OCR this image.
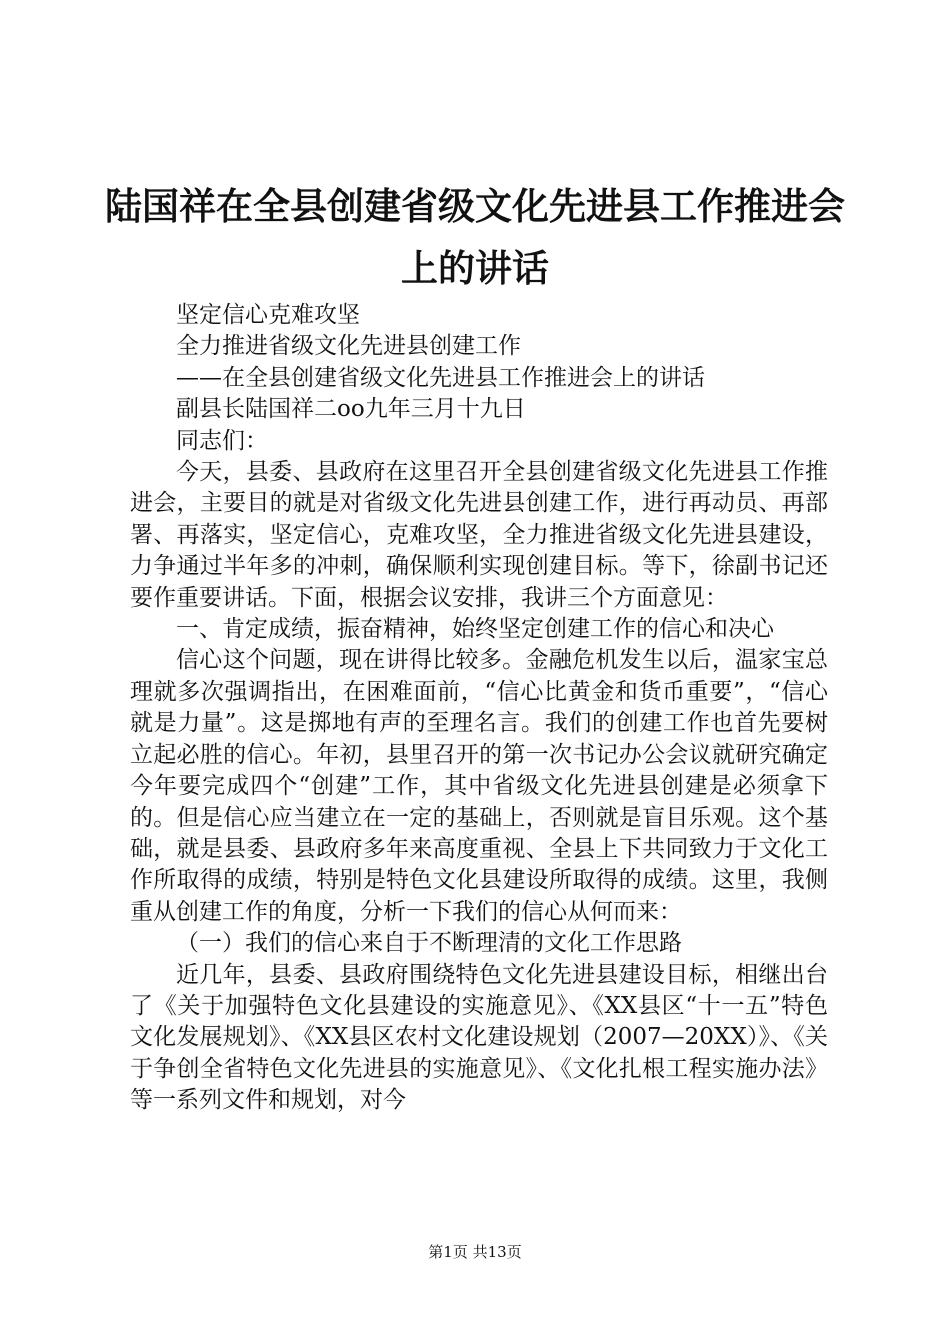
陆国祥在全县创建省级文化先进县工作推进会
上的讲话

坚定信心克难攻坚

全力推进省级文化先进县创建工作

——在全县创建省级文化先进县工作推进会上的讲话

副县长陆国祥二oo九年三月十九日

同志们：

今天，县委、县政府在这里召开全县创建省级文化先进县工作推进会，主要目的就是对省级文化先进县创建工作，进行再动员、再部署、再落实，坚定信心，克难攻坚，全力推进省级文化先进县建设，力争通过半年多的冲刺，确保顺利实现创建目标。等下，徐副书记还要作重要讲话。下面，根据会议安排，我讲三个方面意见：

一、肯定成绩，振奋精神，始终坚定创建工作的信心和决心

信心这个问题，现在讲得比较多。金融危机发生以后，温家宝总理就多次强调指出，在困难面前，“信心比黄金和货币重要”，“信心就是力量”。这是掷地有声的至理名言。我们的创建工作也首先要树立起必胜的信心。年初，县里召开的第一次书记办公会议就研究确定今年要完成四个“创建”工作，其中省级文化先进县创建是必须拿下的。但是信心应当建立在一定的基础上，否则就是盲目乐观。这个基础，就是县委、县政府多年来高度重视、全县上下共同致力于文化工作所取得的成绩，特别是特色文化县建设所取得的成绩。这里，我侧重从创建工作的角度，分析一下我们的信心从何而来：

（一）我们的信心来自于不断理清的文化工作思路

近几年，县委、县政府围绕特色文化先进县建设目标，相继出台了《关于加强特色文化县建设的实施意见》、《XX县区“十一五”特色文化发展规划》、《XX县区农村文化建设规划（2007—20XX）》、《关于争创全省特色文化先进县的实施意见》、《文化扎根工程实施办法》等一系列文件和规划，对今

第1页 共13页
